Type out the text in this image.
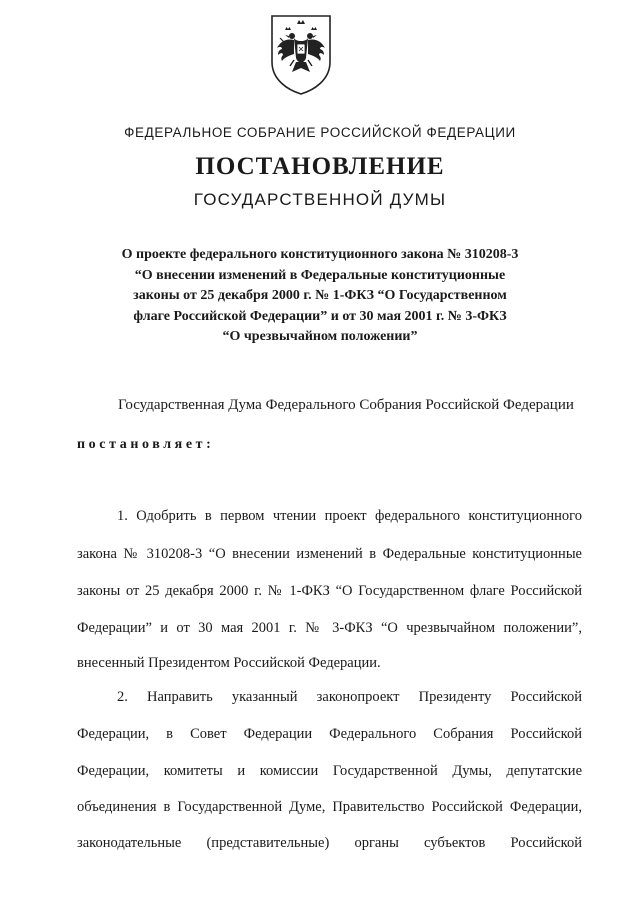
ФЕДЕРАЛЬНОЕ СОБРАНИЕ РОССИЙСКОЙ ФЕДЕРАЦИИ
ПОСТАНОВЛЕНИЕ
ГОСУДАРСТВЕННОЙ ДУМЫ
О проекте федерального конституционного закона № 310208-3
“О внесении изменений в Федеральные конституционные
законы от 25 декабря 2000 г. № 1-ФКЗ “О Государственном
флаге Российской Федерации” и от 30 мая 2001 г. № 3-ФКЗ
“О чрезвычайном положении”
Государственная Дума Федерального Собрания Российской Федерации
постановляет:
1. Одобрить в первом чтении проект федерального конституционного
закона № 310208-3 “О внесении изменений в Федеральные конституционные
законы от 25 декабря 2000 г. № 1-ФКЗ “О Государственном флаге Российской
Федерации” и от 30 мая 2001 г. № 3-ФКЗ “О чрезвычайном положении”,
внесенный Президентом Российской Федерации.
2. Направить указанный законопроект Президенту Российской
Федерации, в Совет Федерации Федерального Собрания Российской
Федерации, комитеты и комиссии Государственной Думы, депутатские
объединения в Государственной Думе, Правительство Российской Федерации,
законодательные (представительные) органы субъектов Российской
